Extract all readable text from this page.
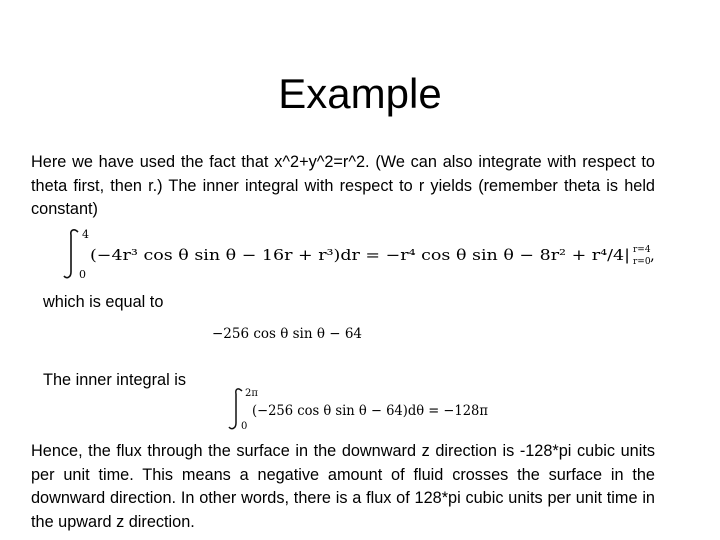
Example

Here we have used the fact that x^2+y^2=r^2. (We can also integrate with respect to theta first, then r.) The inner integral with respect to r yields (remember theta is held constant)

4
0
(−4r³ cos θ sin θ − 16r + r³)dr = −r⁴ cos θ sin θ − 8r² + r⁴/4| r=4
r=0 ,
which is equal to
−256 cos θ sin θ − 64
The inner integral is
2π
0
(−256 cos θ sin θ − 64)dθ = −128π

Hence, the flux through the surface in the downward z direction is -128*pi cubic units per unit time. This means a negative amount of fluid crosses the surface in the downward direction. In other words, there is a flux of 128*pi cubic units per unit time in the upward z direction.
